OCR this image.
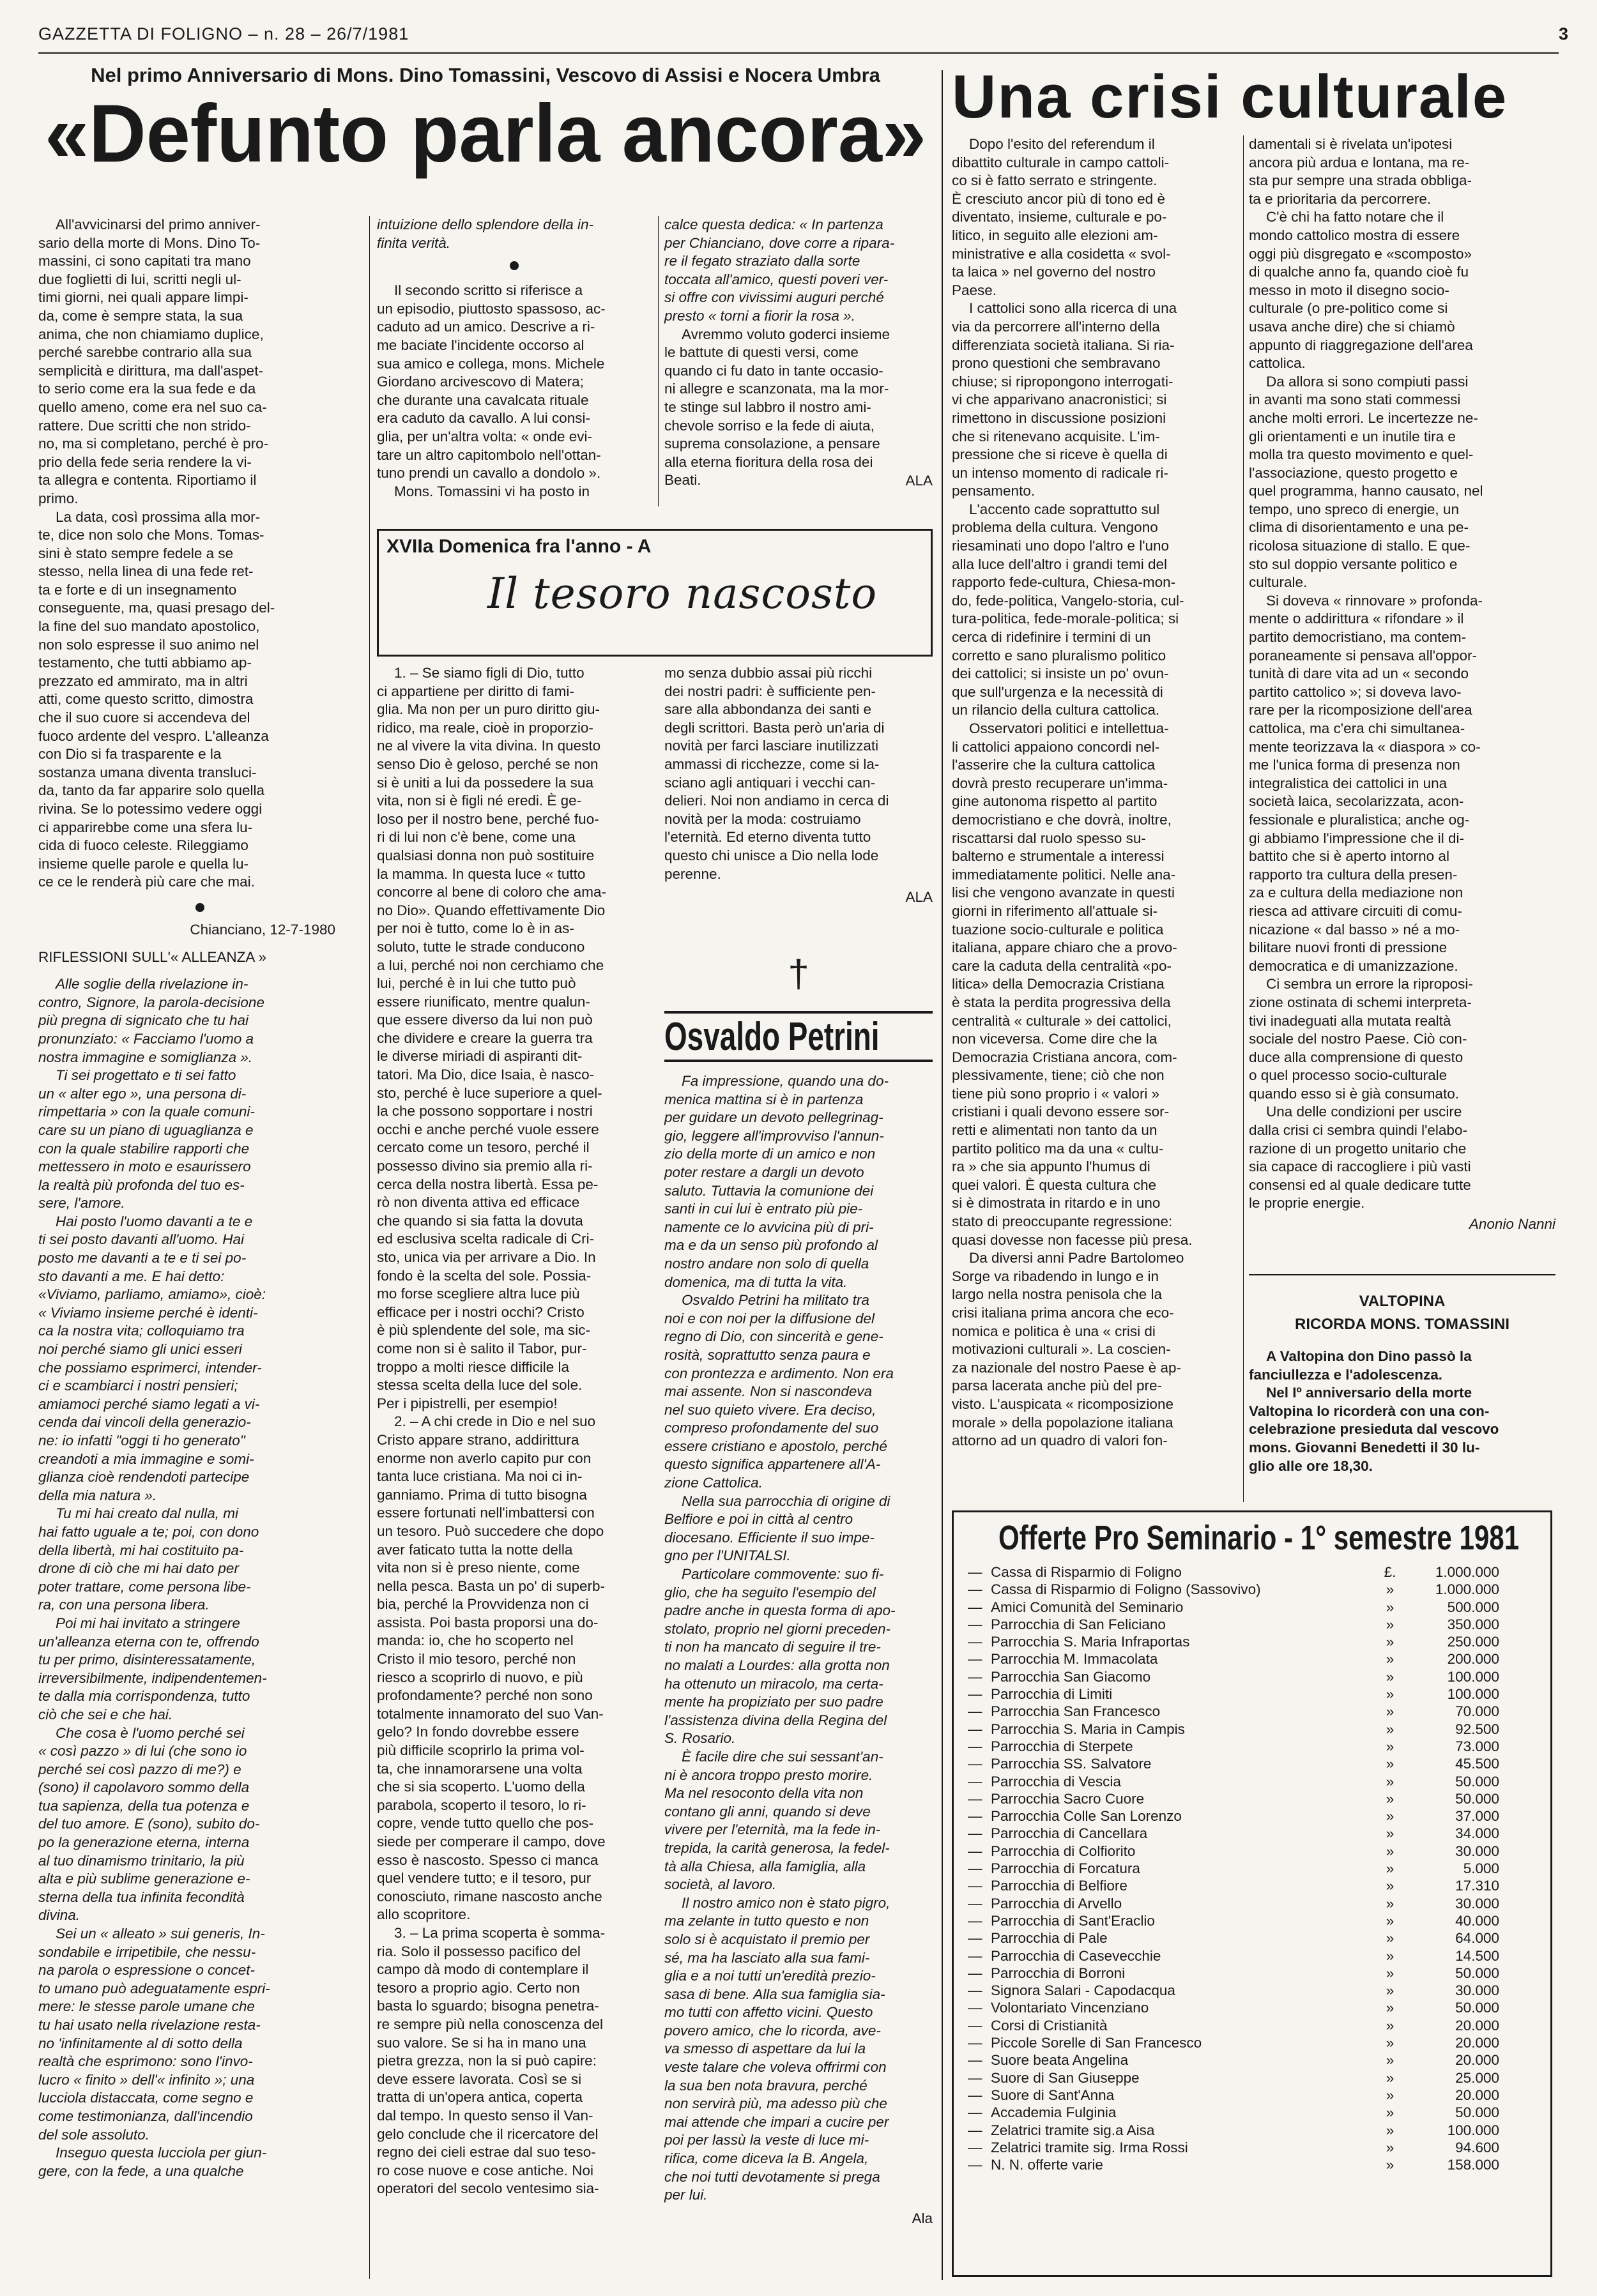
GAZZETTA DI FOLIGNO – n. 28 – 26/7/1981	3
Nel primo Anniversario di Mons. Dino Tomassini, Vescovo di Assisi e Nocera Umbra
«Defunto parla ancora»

All'avvicinarsi del primo anniver-
sario della morte di Mons. Dino To-
massini, ci sono capitati tra mano
due foglietti di lui, scritti negli ul-
timi giorni, nei quali appare limpi-
da, come è sempre stata, la sua
anima, che non chiamiamo duplice,
perché sarebbe contrario alla sua
semplicità e dirittura, ma dall'aspet-
to serio come era la sua fede e da
quello ameno, come era nel suo ca-
rattere. Due scritti che non strido-
no, ma si completano, perché è pro-
prio della fede seria rendere la vi-
ta allegra e contenta. Riportiamo il
primo.

La data, così prossima alla mor-
te, dice non solo che Mons. Tomas-
sini è stato sempre fedele a se
stesso, nella linea di una fede ret-
ta e forte e di un insegnamento
conseguente, ma, quasi presago del-
la fine del suo mandato apostolico,
non solo espresse il suo animo nel
testamento, che tutti abbiamo ap-
prezzato ed ammirato, ma in altri
atti, come questo scritto, dimostra
che il suo cuore si accendeva del
fuoco ardente del vespro. L'alleanza
con Dio si fa trasparente e la
sostanza umana diventa transluci-
da, tanto da far apparire solo quella
rivina. Se lo potessimo vedere oggi
ci apparirebbe come una sfera lu-
cida di fuoco celeste. Rileggiamo
insieme quelle parole e quella lu-
ce ce le renderà più care che mai.

Chianciano, 12-7-1980
RIFLESSIONI SULL'« ALLEANZA »

Alle soglie della rivelazione in-
contro, Signore, la parola-decisione
più pregna di signicato che tu hai
pronunziato: « Facciamo l'uomo a
nostra immagine e somiglianza ».

Ti sei progettato e ti sei fatto
un « alter ego », una persona di-
rimpettaria » con la quale comuni-
care su un piano di uguaglianza e
con la quale stabilire rapporti che
mettessero in moto e esaurissero
la realtà più profonda del tuo es-
sere, l'amore.

Hai posto l'uomo davanti a te e
ti sei posto davanti all'uomo. Hai
posto me davanti a te e ti sei po-
sto davanti a me. E hai detto:
«Viviamo, parliamo, amiamo», cioè:
« Viviamo insieme perché è identi-
ca la nostra vita; colloquiamo tra
noi perché siamo gli unici esseri
che possiamo esprimerci, intender-
ci e scambiarci i nostri pensieri;
amiamoci perché siamo legati a vi-
cenda dai vincoli della generazio-
ne: io infatti "oggi ti ho generato"
creandoti a mia immagine e somi-
glianza cioè rendendoti partecipe
della mia natura ».

Tu mi hai creato dal nulla, mi
hai fatto uguale a te; poi, con dono
della libertà, mi hai costituito pa-
drone di ciò che mi hai dato per
poter trattare, come persona libe-
ra, con una persona libera.

Poi mi hai invitato a stringere
un'alleanza eterna con te, offrendo
tu per primo, disinteressatamente,
irreversibilmente, indipendentemen-
te dalla mia corrispondenza, tutto
ciò che sei e che hai.

Che cosa è l'uomo perché sei
« così pazzo » di lui (che sono io
perché sei così pazzo di me?) e
(sono) il capolavoro sommo della
tua sapienza, della tua potenza e
del tuo amore. E (sono), subito do-
po la generazione eterna, interna
al tuo dinamismo trinitario, la più
alta e più sublime generazione e-
sterna della tua infinita fecondità
divina.

Sei un « alleato » sui generis, In-
sondabile e irripetibile, che nessu-
na parola o espressione o concet-
to umano può adeguatamente espri-
mere: le stesse parole umane che
tu hai usato nella rivelazione resta-
no 'infinitamente al di sotto della
realtà che esprimono: sono l'invo-
lucro « finito » dell'« infinito »; una
lucciola distaccata, come segno e
come testimonianza, dall'incendio
del sole assoluto.

Inseguo questa lucciola per giun-
gere, con la fede, a una qualche

intuizione dello splendore della in-
finita verità.

Il secondo scritto si riferisce a
un episodio, piuttosto spassoso, ac-
caduto ad un amico. Descrive a ri-
me baciate l'incidente occorso al
sua amico e collega, mons. Michele
Giordano arcivescovo di Matera;
che durante una cavalcata rituale
era caduto da cavallo. A lui consi-
glia, per un'altra volta: « onde evi-
tare un altro capitombolo nell'ottan-
tuno prendi un cavallo a dondolo ».

Mons. Tomassini vi ha posto in

calce questa dedica: « In partenza
per Chianciano, dove corre a ripara-
re il fegato straziato dalla sorte
toccata all'amico, questi poveri ver-
si offre con vivissimi auguri perché
presto « torni a fiorir la rosa ».

Avremmo voluto goderci insieme
le battute di questi versi, come
quando ci fu dato in tante occasio-
ni allegre e scanzonata, ma la mor-
te stinge sul labbro il nostro ami-
chevole sorriso e la fede di aiuta,
suprema consolazione, a pensare
alla eterna fioritura della rosa dei
Beati.	ALA
XVIIa Domenica fra l'anno - A
Il tesoro nascosto

1. – Se siamo figli di Dio, tutto
ci appartiene per diritto di fami-
glia. Ma non per un puro diritto giu-
ridico, ma reale, cioè in proporzio-
ne al vivere la vita divina. In questo
senso Dio è geloso, perché se non
si è uniti a lui da possedere la sua
vita, non si è figli né eredi. È ge-
loso per il nostro bene, perché fuo-
ri di lui non c'è bene, come una
qualsiasi donna non può sostituire
la mamma. In questa luce « tutto
concorre al bene di coloro che ama-
no Dio». Quando effettivamente Dio
per noi è tutto, come lo è in as-
soluto, tutte le strade conducono
a lui, perché noi non cerchiamo che
lui, perché è in lui che tutto può
essere riunificato, mentre qualun-
que essere diverso da lui non può
che dividere e creare la guerra tra
le diverse miriadi di aspiranti dit-
tatori. Ma Dio, dice Isaia, è nasco-
sto, perché è luce superiore a quel-
la che possono sopportare i nostri
occhi e anche perché vuole essere
cercato come un tesoro, perché il
possesso divino sia premio alla ri-
cerca della nostra libertà. Essa pe-
rò non diventa attiva ed efficace
che quando si sia fatta la dovuta
ed esclusiva scelta radicale di Cri-
sto, unica via per arrivare a Dio. In
fondo è la scelta del sole. Possia-
mo forse scegliere altra luce più
efficace per i nostri occhi? Cristo
è più splendente del sole, ma sic-
come non si è salito il Tabor, pur-
troppo a molti riesce difficile la
stessa scelta della luce del sole.
Per i pipistrelli, per esempio!

2. – A chi crede in Dio e nel suo
Cristo appare strano, addirittura
enorme non averlo capito pur con
tanta luce cristiana. Ma noi ci in-
ganniamo. Prima di tutto bisogna
essere fortunati nell'imbattersi con
un tesoro. Può succedere che dopo
aver faticato tutta la notte della
vita non si è preso niente, come
nella pesca. Basta un po' di superb-
bia, perché la Provvidenza non ci
assista. Poi basta proporsi una do-
manda: io, che ho scoperto nel
Cristo il mio tesoro, perché non
riesco a scoprirlo di nuovo, e più
profondamente? perché non sono
totalmente innamorato del suo Van-
gelo? In fondo dovrebbe essere
più difficile scoprirlo la prima vol-
ta, che innamorarsene una volta
che si sia scoperto. L'uomo della
parabola, scoperto il tesoro, lo ri-
copre, vende tutto quello che pos-
siede per comperare il campo, dove
esso è nascosto. Spesso ci manca
quel vendere tutto; e il tesoro, pur
conosciuto, rimane nascosto anche
allo scopritore.

3. – La prima scoperta è somma-
ria. Solo il possesso pacifico del
campo dà modo di contemplare il
tesoro a proprio agio. Certo non
basta lo sguardo; bisogna penetra-
re sempre più nella conoscenza del
suo valore. Se si ha in mano una
pietra grezza, non la si può capire:
deve essere lavorata. Così se si
tratta di un'opera antica, coperta
dal tempo. In questo senso il Van-
gelo conclude che il ricercatore del
regno dei cieli estrae dal suo teso-
ro cose nuove e cose antiche. Noi
operatori del secolo ventesimo sia-

mo senza dubbio assai più ricchi
dei nostri padri: è sufficiente pen-
sare alla abbondanza dei santi e
degli scrittori. Basta però un'aria di
novità per farci lasciare inutilizzati
ammassi di ricchezze, come si la-
sciano agli antiquari i vecchi can-
delieri. Noi non andiamo in cerca di
novità per la moda: costruiamo
l'eternità. Ed eterno diventa tutto
questo chi unisce a Dio nella lode
perenne.

ALA
†
Osvaldo Petrini

Fa impressione, quando una do-
menica mattina si è in partenza
per guidare un devoto pellegrinag-
gio, leggere all'improvviso l'annun-
zio della morte di un amico e non
poter restare a dargli un devoto
saluto. Tuttavia la comunione dei
santi in cui lui è entrato più pie-
namente ce lo avvicina più di pri-
ma e da un senso più profondo al
nostro andare non solo di quella
domenica, ma di tutta la vita.

Osvaldo Petrini ha militato tra
noi e con noi per la diffusione del
regno di Dio, con sincerità e gene-
rosità, soprattutto senza paura e
con prontezza e ardimento. Non era
mai assente. Non si nascondeva
nel suo quieto vivere. Era deciso,
compreso profondamente del suo
essere cristiano e apostolo, perché
questo significa appartenere all'A-
zione Cattolica.

Nella sua parrocchia di origine di
Belfiore e poi in città al centro
diocesano. Efficiente il suo impe-
gno per l'UNITALSI.

Particolare commovente: suo fi-
glio, che ha seguito l'esempio del
padre anche in questa forma di apo-
stolato, proprio nel giorni preceden-
ti non ha mancato di seguire il tre-
no malati a Lourdes: alla grotta non
ha ottenuto un miracolo, ma certa-
mente ha propiziato per suo padre
l'assistenza divina della Regina del
S. Rosario.

È facile dire che sui sessant'an-
ni è ancora troppo presto morire.
Ma nel resoconto della vita non
contano gli anni, quando si deve
vivere per l'eternità, ma la fede in-
trepida, la carità generosa, la fedel-
tà alla Chiesa, alla famiglia, alla
società, al lavoro.

Il nostro amico non è stato pigro,
ma zelante in tutto questo e non
solo si è acquistato il premio per
sé, ma ha lasciato alla sua fami-
glia e a noi tutti un'eredità prezio-
sasa di bene. Alla sua famiglia sia-
mo tutti con affetto vicini. Questo
povero amico, che lo ricorda, ave-
va smesso di aspettare da lui la
veste talare che voleva offrirmi con
la sua ben nota bravura, perché
non servirà più, ma adesso più che
mai attende che impari a cucire per
poi per lassù la veste di luce mi-
rifica, come diceva la B. Angela,
che noi tutti devotamente si prega
per lui.

Ala
Una crisi culturale

Dopo l'esito del referendum il
dibattito culturale in campo cattoli-
co si è fatto serrato e stringente.
È cresciuto ancor più di tono ed è
diventato, insieme, culturale e po-
litico, in seguito alle elezioni am-
ministrative e alla cosidetta « svol-
ta laica » nel governo del nostro
Paese.

I cattolici sono alla ricerca di una
via da percorrere all'interno della
differenziata società italiana. Si ria-
prono questioni che sembravano
chiuse; si ripropongono interrogati-
vi che apparivano anacronistici; si
rimettono in discussione posizioni
che si ritenevano acquisite. L'im-
pressione che si riceve è quella di
un intenso momento di radicale ri-
pensamento.

L'accento cade soprattutto sul
problema della cultura. Vengono
riesaminati uno dopo l'altro e l'uno
alla luce dell'altro i grandi temi del
rapporto fede-cultura, Chiesa-mon-
do, fede-politica, Vangelo-storia, cul-
tura-politica, fede-morale-politica; si
cerca di ridefinire i termini di un
corretto e sano pluralismo politico
dei cattolici; si insiste un po' ovun-
que sull'urgenza e la necessità di
un rilancio della cultura cattolica.

Osservatori politici e intellettua-
li cattolici appaiono concordi nel-
l'asserire che la cultura cattolica
dovrà presto recuperare un'imma-
gine autonoma rispetto al partito
democristiano e che dovrà, inoltre,
riscattarsi dal ruolo spesso su-
balterno e strumentale a interessi
immediatamente politici. Nelle ana-
lisi che vengono avanzate in questi
giorni in riferimento all'attuale si-
tuazione socio-culturale e politica
italiana, appare chiaro che a provo-
care la caduta della centralità «po-
litica» della Democrazia Cristiana
è stata la perdita progressiva della
centralità « culturale » dei cattolici,
non viceversa. Come dire che la
Democrazia Cristiana ancora, com-
plessivamente, tiene; ciò che non
tiene più sono proprio i « valori »
cristiani i quali devono essere sor-
retti e alimentati non tanto da un
partito politico ma da una « cultu-
ra » che sia appunto l'humus di
quei valori. È questa cultura che
si è dimostrata in ritardo e in uno
stato di preoccupante regressione:
quasi dovesse non facesse più presa.

Da diversi anni Padre Bartolomeo
Sorge va ribadendo in lungo e in
largo nella nostra penisola che la
crisi italiana prima ancora che eco-
nomica e politica è una « crisi di
motivazioni culturali ». La coscien-
za nazionale del nostro Paese è ap-
parsa lacerata anche più del pre-
visto. L'auspicata « ricomposizione
morale » della popolazione italiana
attorno ad un quadro di valori fon-

damentali si è rivelata un'ipotesi
ancora più ardua e lontana, ma re-
sta pur sempre una strada obbliga-
ta e prioritaria da percorrere.

C'è chi ha fatto notare che il
mondo cattolico mostra di essere
oggi più disgregato e «scomposto»
di qualche anno fa, quando cioè fu
messo in moto il disegno socio-
culturale (o pre-politico come si
usava anche dire) che si chiamò
appunto di riaggregazione dell'area
cattolica.

Da allora si sono compiuti passi
in avanti ma sono stati commessi
anche molti errori. Le incertezze ne-
gli orientamenti e un inutile tira e
molla tra questo movimento e quel-
l'associazione, questo progetto e
quel programma, hanno causato, nel
tempo, uno spreco di energie, un
clima di disorientamento e una pe-
ricolosa situazione di stallo. E que-
sto sul doppio versante politico e
culturale.

Si doveva « rinnovare » profonda-
mente o addirittura « rifondare » il
partito democristiano, ma contem-
poraneamente si pensava all'oppor-
tunità di dare vita ad un « secondo
partito cattolico »; si doveva lavo-
rare per la ricomposizione dell'area
cattolica, ma c'era chi simultanea-
mente teorizzava la « diaspora » co-
me l'unica forma di presenza non
integralistica dei cattolici in una
società laica, secolarizzata, acon-
fessionale e pluralistica; anche og-
gi abbiamo l'impressione che il di-
battito che si è aperto intorno al
rapporto tra cultura della presen-
za e cultura della mediazione non
riesca ad attivare circuiti di comu-
nicazione « dal basso » né a mo-
bilitare nuovi fronti di pressione
democratica e di umanizzazione.

Ci sembra un errore la riproposi-
zione ostinata di schemi interpreta-
tivi inadeguati alla mutata realtà
sociale del nostro Paese. Ciò con-
duce alla comprensione di questo
o quel processo socio-culturale
quando esso si è già consumato.

Una delle condizioni per uscire
dalla crisi ci sembra quindi l'elabo-
razione di un progetto unitario che
sia capace di raccogliere i più vasti
consensi ed al quale dedicare tutte
le proprie energie.

Anonio Nanni
VALTOPINA
RICORDA MONS. TOMASSINI

A Valtopina don Dino passò la
fanciullezza e l'adolescenza.

Nel Iº anniversario della morte
Valtopina lo ricorderà con una con-
celebrazione presieduta dal vescovo
mons. Giovanni Benedetti il 30 lu-
glio alle ore 18,30.

Offerte Pro Seminario - 1° semestre 1981
—	Cassa di Risparmio di Foligno	£.	1.000.000
—	Cassa di Risparmio di Foligno (Sassovivo)	»	1.000.000
—	Amici Comunità del Seminario	»	500.000
—	Parrocchia di San Feliciano	»	350.000
—	Parrocchia S. Maria Infraportas	»	250.000
—	Parrocchia M. Immacolata	»	200.000
—	Parrocchia San Giacomo	»	100.000
—	Parrocchia di Limiti	»	100.000
—	Parrocchia San Francesco	»	70.000
—	Parrocchia S. Maria in Campis	»	92.500
—	Parrocchia di Sterpete	»	73.000
—	Parrocchia SS. Salvatore	»	45.500
—	Parrocchia di Vescia	»	50.000
—	Parrocchia Sacro Cuore	»	50.000
—	Parrocchia Colle San Lorenzo	»	37.000
—	Parrocchia di Cancellara	»	34.000
—	Parrocchia di Colfiorito	»	30.000
—	Parrocchia di Forcatura	»	5.000
—	Parrocchia di Belfiore	»	17.310
—	Parrocchia di Arvello	»	30.000
—	Parrocchia di Sant'Eraclio	»	40.000
—	Parrocchia di Pale	»	64.000
—	Parrocchia di Casevecchie	»	14.500
—	Parrocchia di Borroni	»	50.000
—	Signora Salari - Capodacqua	»	30.000
—	Volontariato Vincenziano	»	50.000
—	Corsi di Cristianità	»	20.000
—	Piccole Sorelle di San Francesco	»	20.000
—	Suore beata Angelina	»	20.000
—	Suore di San Giuseppe	»	25.000
—	Suore di Sant'Anna	»	20.000
—	Accademia Fulginia	»	50.000
—	Zelatrici tramite sig.a Aisa	»	100.000
—	Zelatrici tramite sig. Irma Rossi	»	94.600
—	N. N. offerte varie	»	158.000
